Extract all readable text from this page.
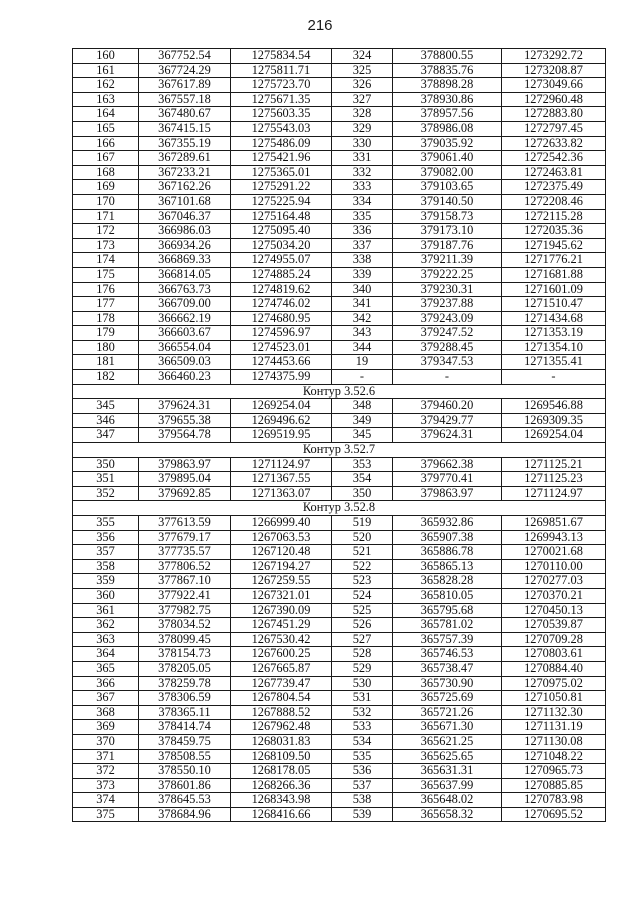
216
160	367752.54	1275834.54	324	378800.55	1273292.72
161	367724.29	1275811.71	325	378835.76	1273208.87
162	367617.89	1275723.70	326	378898.28	1273049.66
163	367557.18	1275671.35	327	378930.86	1272960.48
164	367480.67	1275603.35	328	378957.56	1272883.80
165	367415.15	1275543.03	329	378986.08	1272797.45
166	367355.19	1275486.09	330	379035.92	1272633.82
167	367289.61	1275421.96	331	379061.40	1272542.36
168	367233.21	1275365.01	332	379082.00	1272463.81
169	367162.26	1275291.22	333	379103.65	1272375.49
170	367101.68	1275225.94	334	379140.50	1272208.46
171	367046.37	1275164.48	335	379158.73	1272115.28
172	366986.03	1275095.40	336	379173.10	1272035.36
173	366934.26	1275034.20	337	379187.76	1271945.62
174	366869.33	1274955.07	338	379211.39	1271776.21
175	366814.05	1274885.24	339	379222.25	1271681.88
176	366763.73	1274819.62	340	379230.31	1271601.09
177	366709.00	1274746.02	341	379237.88	1271510.47
178	366662.19	1274680.95	342	379243.09	1271434.68
179	366603.67	1274596.97	343	379247.52	1271353.19
180	366554.04	1274523.01	344	379288.45	1271354.10
181	366509.03	1274453.66	19	379347.53	1271355.41
182	366460.23	1274375.99	-	-	-
Контур 3.52.6					
345	379624.31	1269254.04	348	379460.20	1269546.88
346	379655.38	1269496.62	349	379429.77	1269309.35
347	379564.78	1269519.95	345	379624.31	1269254.04
Контур 3.52.7					
350	379863.97	1271124.97	353	379662.38	1271125.21
351	379895.04	1271367.55	354	379770.41	1271125.23
352	379692.85	1271363.07	350	379863.97	1271124.97
Контур 3.52.8					
355	377613.59	1266999.40	519	365932.86	1269851.67
356	377679.17	1267063.53	520	365907.38	1269943.13
357	377735.57	1267120.48	521	365886.78	1270021.68
358	377806.52	1267194.27	522	365865.13	1270110.00
359	377867.10	1267259.55	523	365828.28	1270277.03
360	377922.41	1267321.01	524	365810.05	1270370.21
361	377982.75	1267390.09	525	365795.68	1270450.13
362	378034.52	1267451.29	526	365781.02	1270539.87
363	378099.45	1267530.42	527	365757.39	1270709.28
364	378154.73	1267600.25	528	365746.53	1270803.61
365	378205.05	1267665.87	529	365738.47	1270884.40
366	378259.78	1267739.47	530	365730.90	1270975.02
367	378306.59	1267804.54	531	365725.69	1271050.81
368	378365.11	1267888.52	532	365721.26	1271132.30
369	378414.74	1267962.48	533	365671.30	1271131.19
370	378459.75	1268031.83	534	365621.25	1271130.08
371	378508.55	1268109.50	535	365625.65	1271048.22
372	378550.10	1268178.05	536	365631.31	1270965.73
373	378601.86	1268266.36	537	365637.99	1270885.85
374	378645.53	1268343.98	538	365648.02	1270783.98
375	378684.96	1268416.66	539	365658.32	1270695.52
